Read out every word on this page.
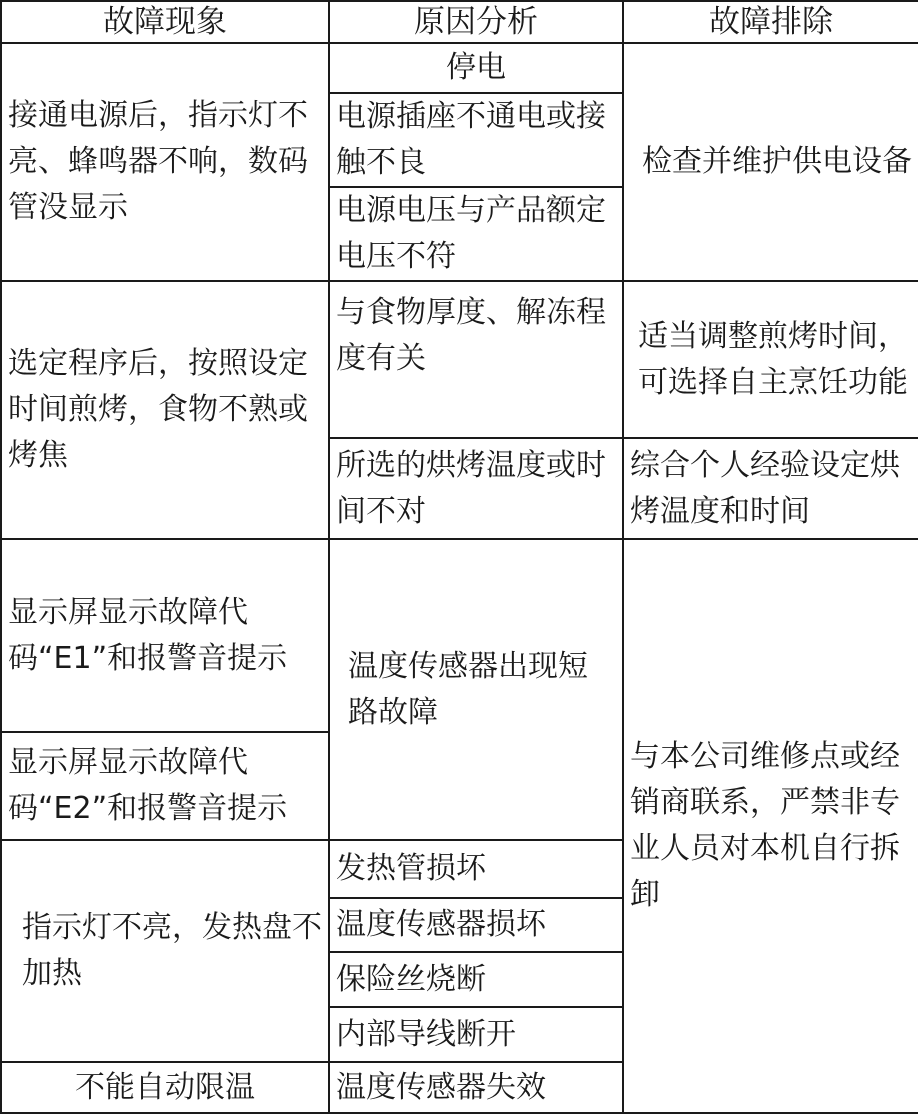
故障现象	原因分析	故障排除
接通电源后，指示灯不亮、蜂鸣器不响，数码管没显示	停电	检查并维护供电设备
	电源插座不通电或接触不良	
	电源电压与产品额定电压不符	
选定程序后，按照设定时间煎烤，食物不熟或烤焦	与食物厚度、解冻程度有关	适当调整煎烤时间，可选择自主烹饪功能
	所选的烘烤温度或时间不对	综合个人经验设定烘烤温度和时间
显示屏显示故障代码“E1”和报警音提示	温度传感器出现短路故障	与本公司维修点或经销商联系，严禁非专业人员对本机自行拆卸
显示屏显示故障代码“E2”和报警音提示		
指示灯不亮，发热盘不加热	发热管损坏	
	温度传感器损坏	
	保险丝烧断	
	内部导线断开	
不能自动限温	温度传感器失效	
